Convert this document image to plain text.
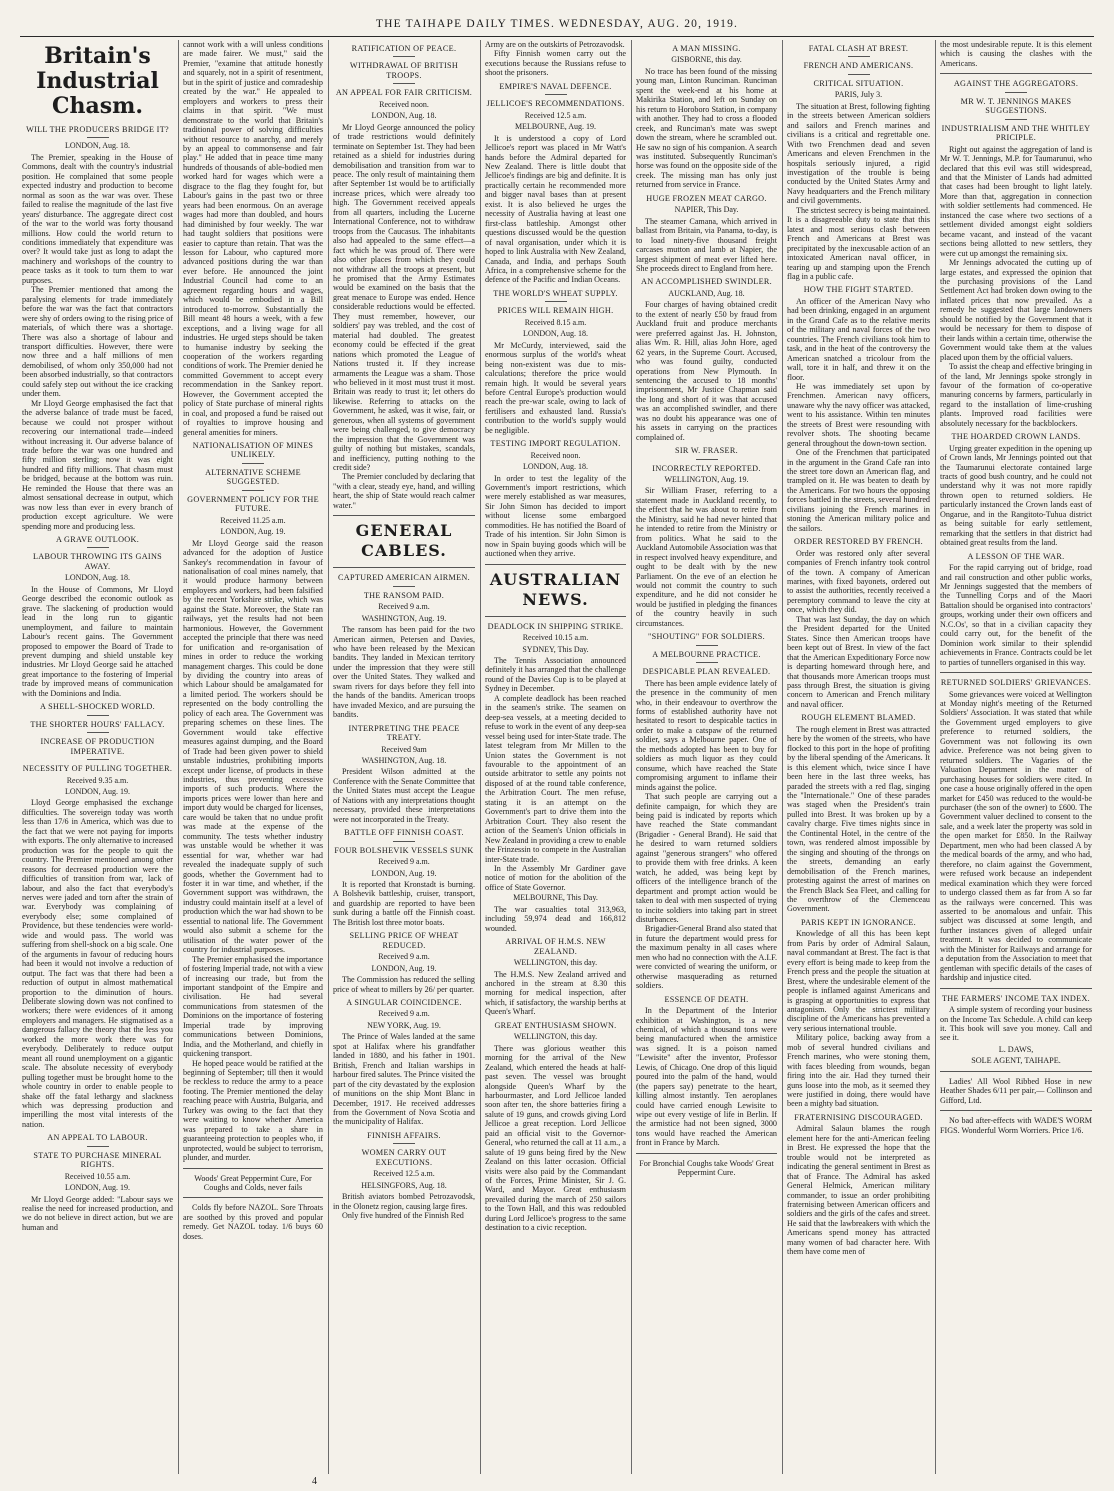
THE TAIHAPE DAILY TIMES. WEDNESDAY, AUG. 20, 1919.
Britain's Industrial Chasm.
WILL THE PRODUCERS BRIDGE IT?
LONDON, Aug. 18.

The Premier, speaking in the House of Commons, dealt with the country's industrial position. He complained that some people expected industry and production to become normal as soon as the war was over. These failed to realise the magnitude of the last five years' disturbance. The aggregate direct cost of the war to the world was forty thousand millions. How could the world return to conditions immediately that expenditure was over? It would take just as long to adapt the machinery and workshops of the country to peace tasks as it took to turn them to war purposes.

The Premier mentioned that among the paralysing elements for trade immediately before the war was the fact that contractors were shy of orders owing to the rising price of materials, of which there was a shortage. There was also a shortage of labour and transport difficulties. However, there were now three and a half millions of men demobilised, of whom only 350,000 had not been absorbed industrially, so that contractors could safely step out without the ice cracking under them.

Mr Lloyd George emphasised the fact that the adverse balance of trade must be faced, because we could not prosper without recovering our international trade—indeed without increasing it. Our adverse balance of trade before the war was one hundred and fifty million sterling; now it was eight hundred and fifty millions. That chasm must be bridged, because at the bottom was ruin. He reminded the House that there was an almost sensational decrease in output, which was now less than ever in every branch of production except agriculture. We were spending more and producing less.

A GRAVE OUTLOOK.
LABOUR THROWING ITS GAINS AWAY.
LONDON, Aug. 18.

In the House of Commons, Mr Lloyd George described the economic outlook as grave. The slackening of production would lead in the long run to gigantic unemployment, and failure to maintain Labour's recent gains. The Government proposed to empower the Board of Trade to prevent dumping and shield unstable key industries. Mr Lloyd George said he attached great importance to the fostering of Imperial trade by improved means of communication with the Dominions and India.

A SHELL-SHOCKED WORLD.
THE SHORTER HOURS' FALLACY.
INCREASE OF PRODUCTION IMPERATIVE.
NECESSITY OF PULLING TOGETHER.
Received 9.35 a.m.
LONDON, Aug. 19.

Lloyd George emphasised the exchange difficulties. The sovereign today was worth less than 17/6 in America, which was due to the fact that we were not paying for imports with exports. The only alternative to increased production was for the people to quit the country. The Premier mentioned among other reasons for decreased production were the difficulties of transition from war, lack of labour, and also the fact that everybody's nerves were jaded and torn after the strain of war. Everybody was complaining of everybody else; some complained of Providence, but these tendencies were world-wide and would pass. The world was suffering from shell-shock on a big scale. One of the arguments in favour of reducing hours had been it would not involve a reduction of output. The fact was that there had been a reduction of output in almost mathematical proportion to the diminution of hours. Deliberate slowing down was not confined to workers; there were evidences of it among employers and managers. He stigmatised as a dangerous fallacy the theory that the less you worked the more work there was for everybody. Deliberately to reduce output meant all round unemployment on a gigantic scale. The absolute necessity of everybody pulling together must be brought home to the whole country in order to enable people to shake off the fatal lethargy and slackness which was depressing production and imperilling the most vital interests of the nation.

AN APPEAL TO LABOUR.
STATE TO PURCHASE MINERAL RIGHTS.
Received 10.55 a.m.
LONDON, Aug. 19.

Mr Lloyd George added: "Labour says we realise the need for increased production, and we do not believe in direct action, but we are human and

cannot work with a will unless conditions are made fairer. We must," said the Premier, "examine that attitude honestly and squarely, not in a spirit of resentment, but in the spirit of justice and comradeship created by the war." He appealed to employers and workers to press their claims in that spirit. "We must demonstrate to the world that Britain's traditional power of solving difficulties without resource to anarchy, and merely by an appeal to commonsense and fair play." He added that in peace time many hundreds of thousands of able-bodied men worked hard for wages which were a disgrace to the flag they fought for, but Labour's gains in the past two or three years had been enormous. On an average wages had more than doubled, and hours had diminished by four weekly. The war had taught soldiers that positions were easier to capture than retain. That was the lesson for Labour, who captured more advanced positions during the war than ever before. He announced the joint Industrial Council had come to an agreement regarding hours and wages, which would be embodied in a Bill introduced to-morrow. Substantially the Bill meant 48 hours a week, with a few exceptions, and a living wage for all industries. He urged steps should be taken to humanise industry by seeking the cooperation of the workers regarding conditions of work. The Premier denied he committed Government to accept every recommendation in the Sankey report. However, the Government accepted the policy of State purchase of mineral rights in coal, and proposed a fund be raised out of royalties to improve housing and general amenities for miners.

NATIONALISATION OF MINES UNLIKELY.
ALTERNATIVE SCHEME SUGGESTED.
GOVERNMENT POLICY FOR THE FUTURE.
Received 11.25 a.m.
LONDON, Aug. 19.

Mr Lloyd George said the reason advanced for the adoption of Justice Sankey's recommendation in favour of nationalisation of coal mines namely, that it would produce harmony between employers and workers, had been falsified by the recent Yorkshire strike, which was against the State. Moreover, the State ran railways, yet the results had not been harmonious. However, the Government accepted the principle that there was need for unification and re-organisation of mines in order to reduce the working management charges. This could be done by dividing the country into areas of which Labour should be amalgamated for a limited period. The workers should be represented on the body controlling the policy of each area. The Government was preparing schemes on these lines. The Government would take effective measures against dumping, and the Board of Trade had been given power to shield unstable industries, prohibiting imports except under license, of products in these industries, thus preventing excessive imports of such products. Where the imports prices were lower than here and import duty would be charged for licenses, care would be taken that no undue profit was made at the expense of the community. The tests whether industry was unstable would be whether it was essential for war, whether war had revealed the inadequate supply of such goods, whether the Government had to foster it in war time, and whether, if the Government support was withdrawn, the industry could maintain itself at a level of production which the war had shown to be essential to national life. The Government would also submit a scheme for the utilisation of the water power of the country for industrial purposes.

The Premier emphasised the importance of fostering Imperial trade, not with a view of increasing our trade, but from the important standpoint of the Empire and civilisation. He had several communications from statesmen of the Dominions on the importance of fostering Imperial trade by improving communications between Dominions, India, and the Motherland, and chiefly in quickening transport.

He hoped peace would be ratified at the beginning of September; till then it would be reckless to reduce the army to a peace footing. The Premier mentioned the delay reaching peace with Austria, Bulgaria, and Turkey was owing to the fact that they were waiting to know whether America was prepared to take a share in guaranteeing protection to peoples who, if unprotected, would be subject to terrorism, plunder, and murder.

Woods' Great Peppermint Cure, For Coughs and Colds, never fails

Colds fly before NAZOL. Sore Throats are soothed by this proved and popular remedy. Get NAZOL today. 1/6 buys 60 doses.

RATIFICATION OF PEACE.
WITHDRAWAL OF BRITISH TROOPS.
AN APPEAL FOR FAIR CRITICISM.
Received noon.
LONDON, Aug. 18.

Mr Lloyd George announced the policy of trade restrictions would definitely terminate on September 1st. They had been retained as a shield for industries during demobilisation and transition from war to peace. The only result of maintaining them after September 1st would be to artificially increase prices, which were already too high. The Government received appeals from all quarters, including the Lucerne International Conference, not to withdraw troops from the Caucasus. The inhabitants also had appealed to the same effect—a fact which he was proud of. There were also other places from which they could not withdraw all the troops at present, but he promised that the Army Estimates would be examined on the basis that the great menace to Europe was ended. Hence considerable reductions would be effected. They must remember, however, our soldiers' pay was trebled, and the cost of material had doubled. The greatest economy could be effected if the great nations which promoted the League of Nations trusted it. If they increase armaments the League was a sham. Those who believed in it most must trust it most. Britain was ready to trust it; let others do likewise. Referring to attacks on the Government, he asked, was it wise, fair, or generous, when all systems of government were being challenged, to give democracy the impression that the Government was guilty of nothing but mistakes, scandals, and inefficiency, putting nothing to the credit side?

The Premier concluded by declaring that "with a clear, steady eye, hand, and willing heart, the ship of State would reach calmer water."

GENERAL CABLES.
CAPTURED AMERICAN AIRMEN.
THE RANSOM PAID.
Received 9 a.m.
WASHINGTON, Aug. 19.

The ransom has been paid for the two American airmen, Petersen and Davies, who have been released by the Mexican bandits. They landed in Mexican territory under the impression that they were still over the United States. They walked and swam rivers for days before they fell into the hands of the bandits. American troops have invaded Mexico, and are pursuing the bandits.

INTERPRETING THE PEACE TREATY.
Received 9am
WASHINGTON, Aug. 18.

President Wilson admitted at the Conference with the Senate Committee that the United States must accept the League of Nations with any interpretations thought necessary, provided these interpretations were not incorporated in the Treaty.

BATTLE OFF FINNISH COAST.
FOUR BOLSHEVIK VESSELS SUNK
Received 9 a.m.
LONDON, Aug. 19.

It is reported that Kronstadt is burning. A Bolshevik battleship, cruiser, transport, and guardship are reported to have been sunk during a battle off the Finnish coast. The British lost three motor boats.

SELLING PRICE OF WHEAT REDUCED.
Received 9 a.m.
LONDON, Aug. 19.

The Commission has reduced the selling price of wheat to millers by 26/ per quarter.

A SINGULAR COINCIDENCE.
Received 9 a.m.
NEW YORK, Aug. 19.

The Prince of Wales landed at the same spot at Halifax where his grandfather landed in 1880, and his father in 1901. British, French and Italian warships in harbour fired salutes. The Prince visited the part of the city devastated by the explosion of munitions on the ship Mont Blanc in December, 1917. He received addresses from the Government of Nova Scotia and the municipality of Halifax.

FINNISH AFFAIRS.
WOMEN CARRY OUT EXECUTIONS.
Received 12.5 a.m.
HELSINGFORS, Aug. 18.

British aviators bombed Petrozavodsk, in the Olonetz region, causing large fires.

Only five hundred of the Finnish Red

Army are on the outskirts of Petrozavodsk.

Fifty Finnish women carry out the executions because the Russians refuse to shoot the prisoners.

EMPIRE'S NAVAL DEFENCE.
JELLICOE'S RECOMMENDATIONS.
Received 12.5 a.m.
MELBOURNE, Aug. 19.

It is understood a copy of Lord Jellicoe's report was placed in Mr Watt's hands before the Admiral departed for New Zealand. There is little doubt that Jellicoe's findings are big and definite. It is practically certain he recommended more and bigger naval bases than at present exist. It is also believed he urges the necessity of Australia having at least one first-class battleship. Amongst other questions discussed would be the question of naval organisation, under which it is hoped to link Australia with New Zealand, Canada, and India, and perhaps South Africa, in a comprehensive scheme for the defence of the Pacific and Indian Oceans.

THE WORLD'S WHEAT SUPPLY.
PRICES WILL REMAIN HIGH.
Received 8.15 a.m.
LONDON, Aug. 18.

Mr McCurdy, interviewed, said the enormous surplus of the world's wheat being non-existent was due to mis-calculations; therefore the price would remain high. It would be several years before Central Europe's production would reach the pre-war scale, owing to lack of fertilisers and exhausted land. Russia's contribution to the world's supply would be negligible.

TESTING IMPORT REGULATION.
Received noon.
LONDON, Aug. 18.

In order to test the legality of the Government's import restrictions, which were merely established as war measures, Sir John Simon has decided to import without license some embargoed commodities. He has notified the Board of Trade of his intention. Sir John Simon is now in Spain buying goods which will be auctioned when they arrive.

AUSTRALIAN NEWS.
DEADLOCK IN SHIPPING STRIKE.
Received 10.15 a.m.
SYDNEY, This Day.

The Tennis Association announced definitely it has arranged that the challenge round of the Davies Cup is to be played at Sydney in December.

A complete deadlock has been reached in the seamen's strike. The seamen on deep-sea vessels, at a meeting decided to refuse to work in the event of any deep-sea vessel being used for inter-State trade. The latest telegram from Mr Millen to the Union states the Government is not favourable to the appointment of an outside arbitrator to settle any points not disposed of at the round table conference, the Arbitration Court. The men refuse, stating it is an attempt on the Government's part to drive them into the Arbitration Court. They also resent the action of the Seamen's Union officials in New Zealand in providing a crew to enable the Frinzessin to compete in the Australian inter-State trade.

In the Assembly Mr Gardiner gave notice of motion for the abolition of the office of State Governor.

MELBOURNE, This Day.

The war casualties total 313,963, including 59,974 dead and 166,812 wounded.

ARRIVAL OF H.M.S. NEW ZEALAND.
WELLINGTON, this day.

The H.M.S. New Zealand arrived and anchored in the stream at 8.30 this morning for medical inspection, after which, if satisfactory, the warship berths at Queen's Wharf.

GREAT ENTHUSIASM SHOWN.
WELLINGTON, this day.

There was glorious weather this morning for the arrival of the New Zealand, which entered the heads at half-past seven. The vessel was brought alongside Queen's Wharf by the harbourmaster, and Lord Jellicoe landed soon after ten, the shore batteries firing a salute of 19 guns, and crowds giving Lord Jellicoe a great reception. Lord Jellicoe paid an official visit to the Governor-General, who returned the call at 11 a.m., a salute of 19 guns being fired by the New Zealand on this latter occasion. Official visits were also paid by the Commandant of the Forces, Prime Minister, Sir J. G. Ward, and Mayor. Great enthusiasm prevailed during the march of 250 sailors to the Town Hall, and this was redoubled during Lord Jellicoe's progress to the same destination to a civic reception.

A MAN MISSING.
GISBORNE, this day.

No trace has been found of the missing young man, Linton Runciman. Runciman spent the week-end at his home at Makirika Station, and left on Sunday on his return to Horoboro Station, in company with another. They had to cross a flooded creek, and Runciman's mate was swept down the stream, where he scrambled out. He saw no sign of his companion. A search was instituted. Subsequently Runciman's horse was found on the opposite side of the creek. The missing man has only just returned from service in France.

HUGE FROZEN MEAT CARGO.
NAPIER, This Day.

The steamer Camana, which arrived in ballast from Britain, via Panama, to-day, is to load ninety-five thousand freight carcases mutton and lamb at Napier, the largest shipment of meat ever lifted here. She proceeds direct to England from here.

AN ACCOMPLISHED SWINDLER.
AUCKLAND, Aug. 18.

Four charges of having obtained credit to the extent of nearly £50 by fraud from Auckland fruit and produce merchants were preferred against Jas. H. Johnston, alias Wm. R. Hill, alias John Hore, aged 62 years, in the Supreme Court. Accused, who was found guilty, conducted operations from New Plymouth. In sentencing the accused to 18 months' imprisonment, Mr Justice Chapman said the long and short of it was that accused was an accomplished swindler, and there was no doubt his appearance was one of his assets in carrying on the practices complained of.

SIR W. FRASER.
INCORRECTLY REPORTED.
WELLINGTON, Aug. 19.

Sir William Fraser, referring to a statement made in Auckland recently, to the effect that he was about to retire from the Ministry, said he had never hinted that he intended to retire from the Ministry or from politics. What he said to the Auckland Automobile Association was that in respect involved heavy expenditure, and ought to be dealt with by the new Parliament. On the eve of an election he would not commit the country to such expenditure, and he did not consider he would be justified in pledging the finances of the country heavily in such circumstances.

"SHOUTING" FOR SOLDIERS.
A MELBOURNE PRACTICE.
DESPICABLE PLAN REVEALED.

There has been ample evidence lately of the presence in the community of men who, in their endeavour to overthrow the forms of established authority have not hesitated to resort to despicable tactics in order to make a catspaw of the returned soldier, says a Melbourne paper. One of the methods adopted has been to buy for soldiers as much liquor as they could consume, which have reached the State compromising argument to inflame their minds against the police.

That such people are carrying out a definite campaign, for which they are being paid is indicated by reports which have reached the State commandant (Brigadier - General Brand). He said that he desired to warn returned soldiers against "generous strangers" who offered to provide them with free drinks. A keen watch, he added, was being kept by officers of the intelligence branch of the department and prompt action would be taken to deal with men suspected of trying to incite soldiers into taking part in street disturbances.

Brigadier-General Brand also stated that in future the department would press for the maximum penalty in all cases where men who had no connection with the A.I.F. were convicted of wearing the uniform, or otherwise masquerading as returned soldiers.

ESSENCE OF DEATH.

In the Department of the Interior exhibition at Washington, is a new chemical, of which a thousand tons were being manufactured when the armistice was signed. It is a poison named "Lewisite" after the inventor, Professor Lewis, of Chicago. One drop of this liquid poured into the palm of the hand, would (the papers say) penetrate to the heart, killing almost instantly. Ten aeroplanes could have carried enough Lewisite to wipe out every vestige of life in Berlin. If the armistice had not been signed, 3000 tons would have reached the American front in France by March.

For Bronchial Coughs take Woods' Great Peppermint Cure.
FATAL CLASH AT BREST.
FRENCH AND AMERICANS.
CRITICAL SITUATION.
PARIS, July 3.

The situation at Brest, following fighting in the streets between American soldiers and sailors and French marines and civilians is a critical and regrettable one. With two Frenchmen dead and seven Americans and eleven Frenchmen in the hospitals seriously injured, a rigid investigation of the trouble is being conducted by the United States Army and Navy headquarters and the French military and civil governments.

The strictest secrecy is being maintained. It is a disagreeable duty to state that this latest and most serious clash between French and Americans at Brest was precipitated by the inexcusable action of an intoxicated American naval officer, in tearing up and stamping upon the French flag in a public cafe.

HOW THE FIGHT STARTED.

An officer of the American Navy who had been drinking, engaged in an argument in the Grand Cafe as to the relative merits of the military and naval forces of the two countries. The French civilians took him to task, and in the heat of the controversy the American snatched a tricolour from the wall, tore it in half, and threw it on the floor.

He was immediately set upon by Frenchmen. American navy officers, unaware why the navy officer was attacked, went to his assistance. Within ten minutes the streets of Brest were resounding with revolver shots. The shooting became general throughout the down-town section.

One of the Frenchmen that participated in the argument in the Grand Cafe ran into the street tore down an American flag, and trampled on it. He was beaten to death by the Americans. For two hours the opposing forces battled in the streets, several hundred civilians joining the French marines in stoning the American military police and the sailors.

ORDER RESTORED BY FRENCH.

Order was restored only after several companies of French infantry took control of the town. A company of American marines, with fixed bayonets, ordered out to assist the authorities, recently received a peremptory command to leave the city at once, which they did.

That was last Sunday, the day on which the President departed for the United States. Since then American troops have been kept out of Brest. In view of the fact that the American Expeditionary Force now is departing homeward through here, and that thousands more American troops must pass through Brest, the situation is giving concern to American and French military and naval officer.

ROUGH ELEMENT BLAMED.

The rough element in Brest was attracted here by the women of the streets, who have flocked to this port in the hope of profiting by the liberal spending of the Americans. It is this element which, twice since I have been here in the last three weeks, has paraded the streets with a red flag, singing the "Internationale." One of these parades was staged when the President's train pulled into Brest. It was broken up by a cavalry charge. Five times nights since in the Continental Hotel, in the centre of the town, was rendered almost impossible by the singing and shouting of the throngs on the streets, demanding an early demobilisation of the French marines, protesting against the arrest of marines on the French Black Sea Fleet, and calling for the overthrow of the Clemenceau Government.

PARIS KEPT IN IGNORANCE.

Knowledge of all this has been kept from Paris by order of Admiral Salaun, naval commandant at Brest. The fact is that every effort is being made to keep from the French press and the people the situation at Brest, where the undesirable element of the people is inflamed against Americans and is grasping at opportunities to express that antagonism. Only the strictest military discipline of the Americans has prevented a very serious international trouble.

Military police, backing away from a mob of several hundred civilians and French marines, who were stoning them, with faces bleeding from wounds, began firing into the air. Had they turned their guns loose into the mob, as it seemed they were justified in doing, there would have been a mighty bad situation.

FRATERNISING DISCOURAGED.

Admiral Salaun blames the rough element here for the anti-American feeling in Brest. He expressed the hope that the trouble would not be interpreted as indicating the general sentiment in Brest as that of France. The Admiral has asked General Helmick, American military commander, to issue an order prohibiting fraternising between American officers and soldiers and the girls of the cafes and street. He said that the lawbreakers with which the Americans spend money has attracted many women of bad character here. With them have come men of

the most undesirable repute. It is this element which is causing the clashes with the Americans.

AGAINST THE AGGREGATORS.
MR W. T. JENNINGS MAKES SUGGESTIONS.
INDUSTRIALISM AND THE WHITLEY PRICIPLE.

Right out against the aggregation of land is Mr W. T. Jennings, M.P. for Taumarunui, who declared that this evil was still widespread, and that the Minister of Lands had admitted that cases had been brought to light lately. More than that, aggregation in connection with soldier settlements had commenced. He instanced the case where two sections of a settlement divided amongst eight soldiers became vacant, and instead of the vacant sections being allotted to new settlers, they were cut up amongst the remaining six.

Mr Jennings advocated the cutting up of large estates, and expressed the opinion that the purchasing provisions of the Land Settlement Act had broken down owing to the inflated prices that now prevailed. As a remedy he suggested that large landowners should be notified by the Government that it would be necessary for them to dispose of their lands within a certain time, otherwise the Government would take them at the values placed upon them by the official valuers.

To assist the cheap and effective bringing in of the land, Mr Jennings spoke strongly in favour of the formation of co-operative manuring concerns by farmers, particularly in regard to the installation of lime-crushing plants. Improved road facilities were absolutely necessary for the backblockers.

THE HOARDED CROWN LANDS.

Urging greater expedition in the opening up of Crown lands, Mr Jennings pointed out that the Taumarunui electorate contained large tracts of good bush country, and he could not understand why it was not more rapidly thrown open to returned soldiers. He particularly instanced the Crown lands east of Ongarue, and in the Rangitoto-Tuhua district as being suitable for early settlement, remarking that the settlers in that district had obtained great results from the land.

A LESSON OF THE WAR.

For the rapid carrying out of bridge, road and rail construction and other public works, Mr Jennings suggested that the members of the Tunnelling Corps and of the Maori Battalion should be organised into contractors' groups, working under their own officers and N.C.Os', so that in a civilian capacity they could carry out, for the benefit of the Dominion work similar to their splendid achievements in France. Contracts could be let to parties of tunnellers organised in this way.

RETURNED SOLDIERS' GRIEVANCES.

Some grievances were voiced at Wellington at Monday night's meeting of the Returned Soldiers' Association. It was stated that while the Government urged employers to give preference to returned soldiers, the Government was not following its own advice. Preference was not being given to returned soldiers. The Vagaries of the Valuation Department in the matter of purchasing houses for soldiers were cited. In one case a house originally offered in the open market for £450 was reduced to the would-be purchaser (the son of the owner) to £600. The Government valuer declined to consent to the sale, and a week later the property was sold in the open market for £850. In the Railway Department, men who had been classed A by the medical boards of the army, and who had, therefore, no claim against the Government, were refused work because an independent medical examination which they were forced to undergo classed them as far from A so far as the railways were concerned. This was asserted to be anomalous and unfair. This subject was discussed at some length, and further instances given of alleged unfair treatment. It was decided to communicate with the Minister for Railways and arrange for a deputation from the Association to meet that gentleman with specific details of the cases of hardship and injustice cited.

THE FARMERS' INCOME TAX INDEX.

A simple system of recording your business on the Income Tax Schedule. A child can keep it. This book will save you money. Call and see it.

L. DAWS,
SOLE AGENT, TAIHAPE.

Ladies' All Wool Ribbed Hose in new Heather Shades 6/11 per pair,— Collinson and Gifford, Ltd.

No bad after-effects with WADE'S WORM FIGS. Wonderful Worm Worriers. Price 1/6.

4
